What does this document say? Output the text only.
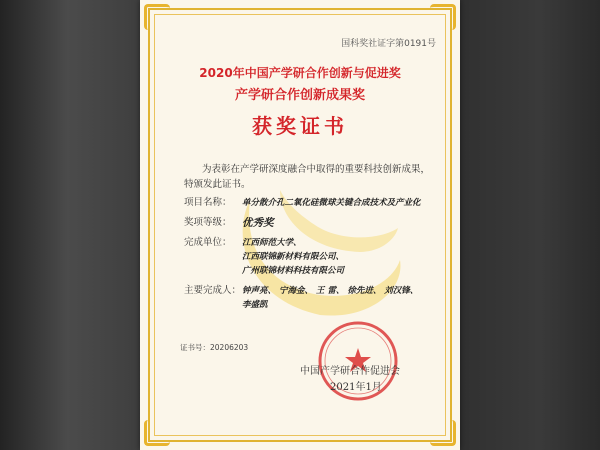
国科奖社证字第0191号
2020年中国产学研合作创新与促进奖
产学研合作创新成果奖
获奖证书
为表彰在产学研深度融合中取得的重要科技创新成果，
特颁发此证书。
项目名称： 单分散介孔二氧化硅微球关键合成技术及产业化
奖项等级： 优秀奖
完成单位： 江西师范大学、
江西联锦新材料有限公司、
广州联锦材料科技有限公司
主要完成人： 钟声亮、 宁海金、 王 雷、 徐先进、 刘汉锋、
李盛凯
证书号：20206203
中国产学研合作促进会
2021年1月
